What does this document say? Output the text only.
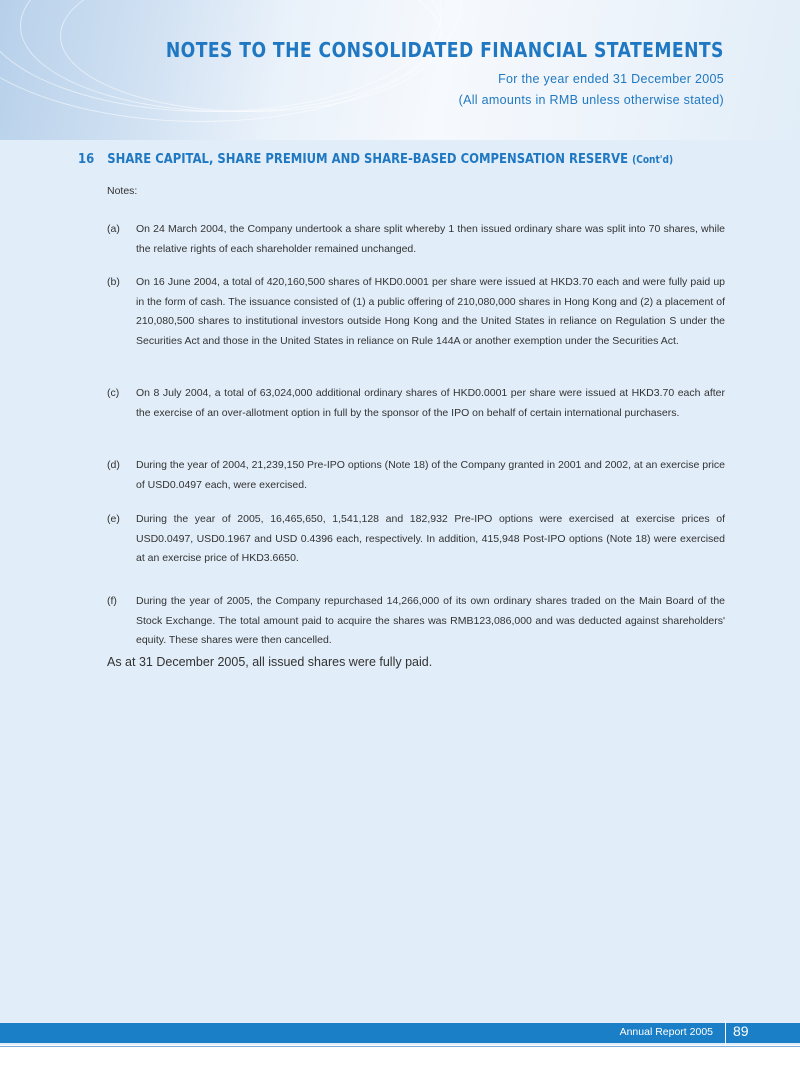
NOTES TO THE CONSOLIDATED FINANCIAL STATEMENTS
For the year ended 31 December 2005
(All amounts in RMB unless otherwise stated)
16 SHARE CAPITAL, SHARE PREMIUM AND SHARE-BASED COMPENSATION RESERVE (Cont'd)
Notes:
(a) On 24 March 2004, the Company undertook a share split whereby 1 then issued ordinary share was split into 70 shares, while the relative rights of each shareholder remained unchanged.
(b) On 16 June 2004, a total of 420,160,500 shares of HKD0.0001 per share were issued at HKD3.70 each and were fully paid up in the form of cash. The issuance consisted of (1) a public offering of 210,080,000 shares in Hong Kong and (2) a placement of 210,080,500 shares to institutional investors outside Hong Kong and the United States in reliance on Regulation S under the Securities Act and those in the United States in reliance on Rule 144A or another exemption under the Securities Act.
(c) On 8 July 2004, a total of 63,024,000 additional ordinary shares of HKD0.0001 per share were issued at HKD3.70 each after the exercise of an over-allotment option in full by the sponsor of the IPO on behalf of certain international purchasers.
(d) During the year of 2004, 21,239,150 Pre-IPO options (Note 18) of the Company granted in 2001 and 2002, at an exercise price of USD0.0497 each, were exercised.
(e) During the year of 2005, 16,465,650, 1,541,128 and 182,932 Pre-IPO options were exercised at exercise prices of USD0.0497, USD0.1967 and USD 0.4396 each, respectively. In addition, 415,948 Post-IPO options (Note 18) were exercised at an exercise price of HKD3.6650.
(f) During the year of 2005, the Company repurchased 14,266,000 of its own ordinary shares traded on the Main Board of the Stock Exchange. The total amount paid to acquire the shares was RMB123,086,000 and was deducted against shareholders' equity. These shares were then cancelled.
As at 31 December 2005, all issued shares were fully paid.
Annual Report 2005 89
